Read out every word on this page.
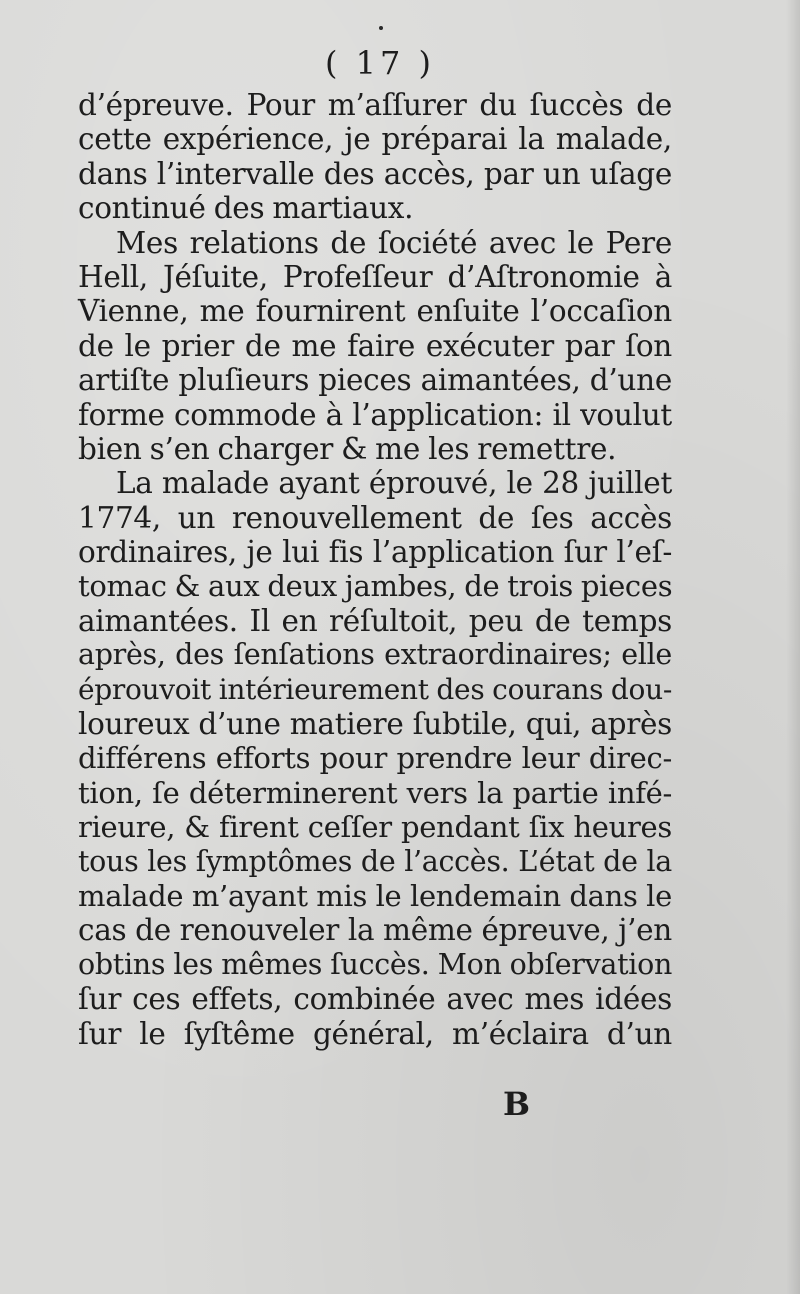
( 17 )
d’épreuve. Pour m’aſſurer du ſuccès de
cette expérience, je préparai la malade,
dans l’intervalle des accès, par un uſage
continué des martiaux.
Mes relations de ſociété avec le Pere
Hell, Jéſuite, Profeſſeur d’Aſtronomie à
Vienne, me fournirent enſuite l’occaſion
de le prier de me faire exécuter par ſon
artiſte pluſieurs pieces aimantées, d’une
forme commode à l’application: il voulut
bien s’en charger & me les remettre.
La malade ayant éprouvé, le 28 juillet
1774, un renouvellement de ſes accès
ordinaires, je lui fis l’application ſur l’eſ-
tomac & aux deux jambes, de trois pieces
aimantées. Il en réſultoit, peu de temps
après, des ſenſations extraordinaires; elle
éprouvoit intérieurement des courans dou-
loureux d’une matiere ſubtile, qui, après
différens efforts pour prendre leur direc-
tion, ſe déterminerent vers la partie infé-
rieure, & firent ceſſer pendant ſix heures
tous les ſymptômes de l’accès. L’état de la
malade m’ayant mis le lendemain dans le
cas de renouveler la même épreuve, j’en
obtins les mêmes ſuccès. Mon obſervation
ſur ces effets, combinée avec mes idées
ſur le ſyſtême général, m’éclaira d’un
B
